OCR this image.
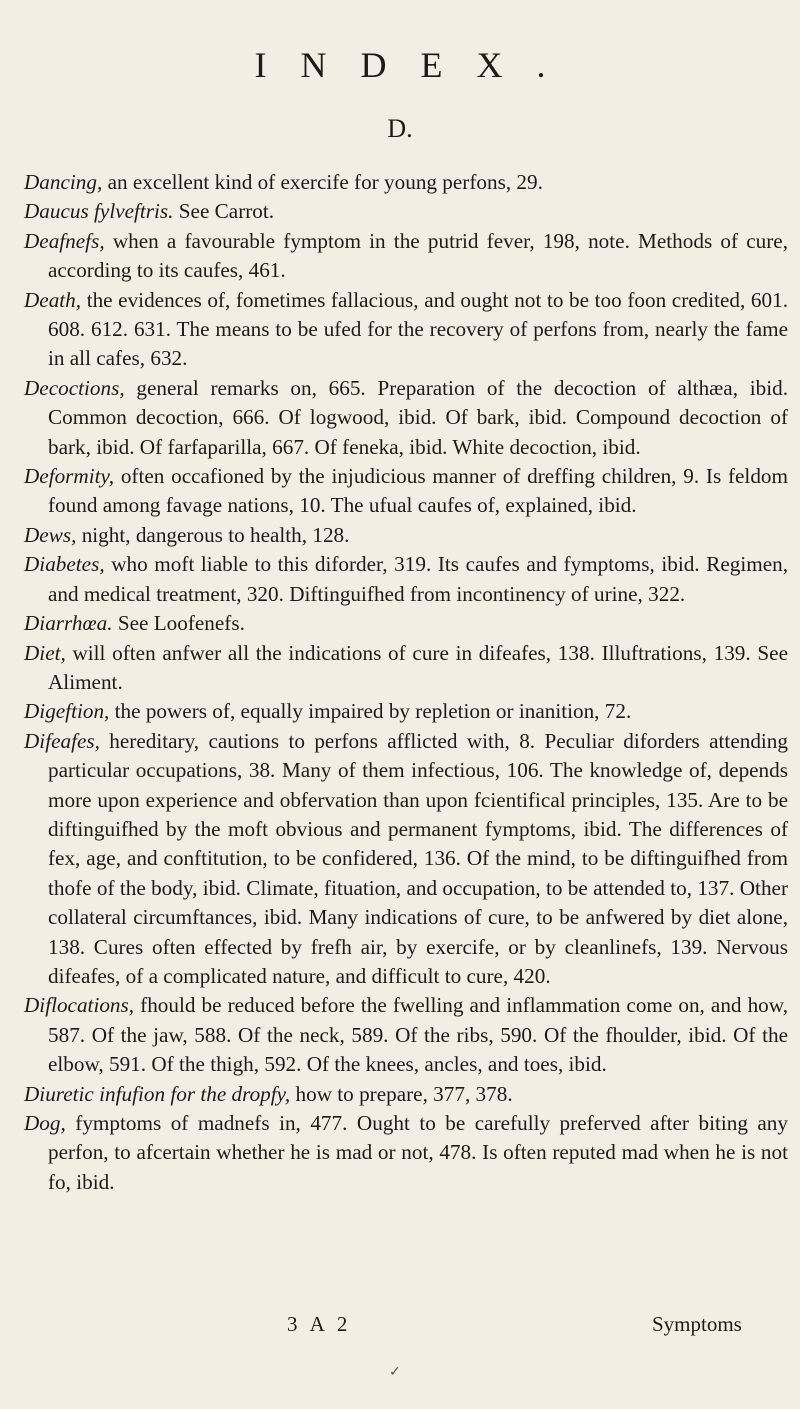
INDEX.
D.

Dancing, an excellent kind of exercife for young perfons, 29.

Daucus fylveftris. See Carrot.

Deafnefs, when a favourable fymptom in the putrid fever, 198, note. Methods of cure, according to its caufes, 461.

Death, the evidences of, fometimes fallacious, and ought not to be too foon credited, 601. 608. 612. 631. The means to be ufed for the recovery of perfons from, nearly the fame in all cafes, 632.

Decoctions, general remarks on, 665. Preparation of the decoction of althæa, ibid. Common decoction, 666. Of logwood, ibid. Of bark, ibid. Compound decoction of bark, ibid. Of farfaparilla, 667. Of feneka, ibid. White decoction, ibid.

Deformity, often occafioned by the injudicious manner of dreffing children, 9. Is feldom found among favage nations, 10. The ufual caufes of, explained, ibid.

Dews, night, dangerous to health, 128.

Diabetes, who moft liable to this diforder, 319. Its caufes and fymptoms, ibid. Regimen, and medical treatment, 320. Diftinguifhed from incontinency of urine, 322.

Diarrhœa. See Loofenefs.

Diet, will often anfwer all the indications of cure in difeafes, 138. Illuftrations, 139. See Aliment.

Digeftion, the powers of, equally impaired by repletion or inanition, 72.

Difeafes, hereditary, cautions to perfons afflicted with, 8. Peculiar diforders attending particular occupations, 38. Many of them infectious, 106. The knowledge of, depends more upon experience and obfervation than upon fcientifical principles, 135. Are to be diftinguifhed by the moft obvious and permanent fymptoms, ibid. The differences of fex, age, and conftitution, to be confidered, 136. Of the mind, to be diftinguifhed from thofe of the body, ibid. Climate, fituation, and occupation, to be attended to, 137. Other collateral circumftances, ibid. Many indications of cure, to be anfwered by diet alone, 138. Cures often effected by frefh air, by exercife, or by cleanlinefs, 139. Nervous difeafes, of a complicated nature, and difficult to cure, 420.

Diflocations, fhould be reduced before the fwelling and inflammation come on, and how, 587. Of the jaw, 588. Of the neck, 589. Of the ribs, 590. Of the fhoulder, ibid. Of the elbow, 591. Of the thigh, 592. Of the knees, ancles, and toes, ibid.

Diuretic infufion for the dropfy, how to prepare, 377, 378.

Dog, fymptoms of madnefs in, 477. Ought to be carefully preferved after biting any perfon, to afcertain whether he is mad or not, 478. Is often reputed mad when he is not fo, ibid.

3 A 2	Symptoms
✓
